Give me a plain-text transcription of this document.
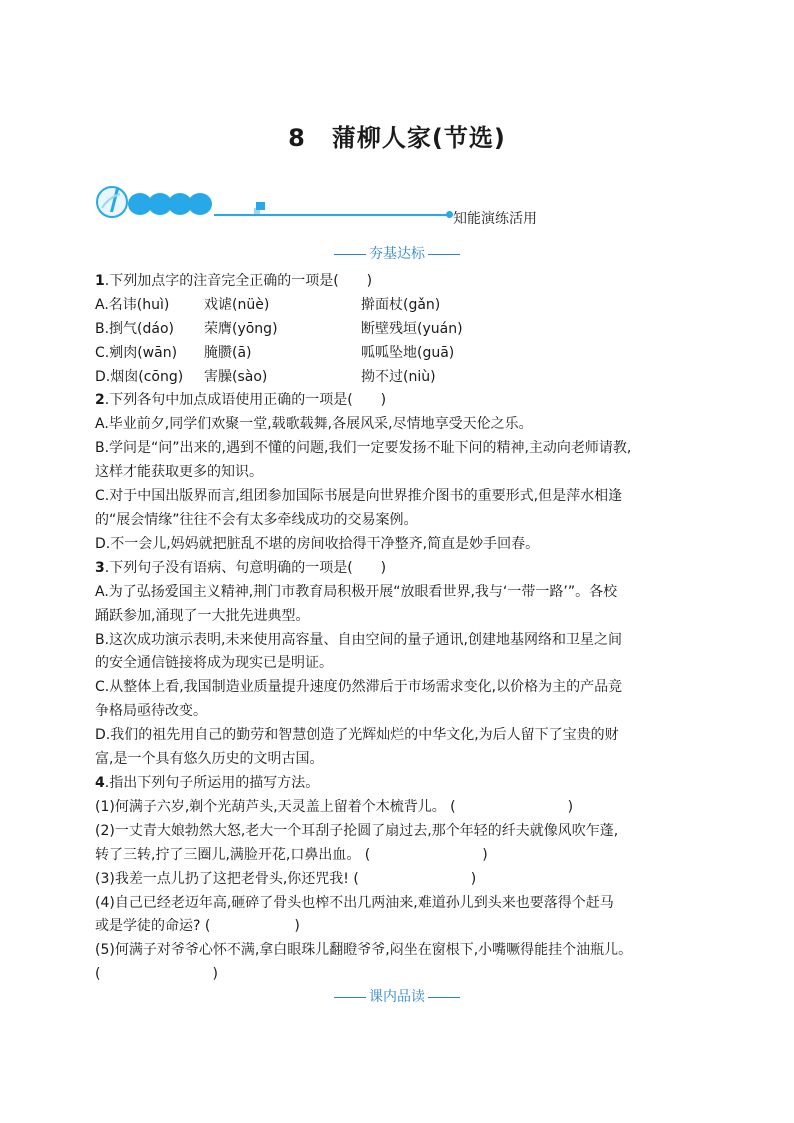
8 蒲柳人家(节选)
知能演练活用
夯基达标
1.下列加点字的注音完全正确的一项是(　　)
A.名讳(huì) 戏谑(nüè)	擀面杖(gǎn)
B.捯气(dáo) 荣膺(yōng)	断壁残垣(yuán)
C.剜肉(wān) 腌臜(ā)	呱呱坠地(guā)
D.烟囱(cōng) 害臊(sào)	拗不过(niù)
2.下列各句中加点成语使用正确的一项是(　　)
A.毕业前夕,同学们欢聚一堂,载歌载舞,各展风采,尽情地享受天伦之乐。
B.学问是“问”出来的,遇到不懂的问题,我们一定要发扬不耻下问的精神,主动向老师请教,
这样才能获取更多的知识。
C.对于中国出版界而言,组团参加国际书展是向世界推介图书的重要形式,但是萍水相逢
的“展会情缘”往往不会有太多牵线成功的交易案例。
D.不一会儿,妈妈就把脏乱不堪的房间收拾得干净整齐,简直是妙手回春。
3.下列句子没有语病、句意明确的一项是(　　)
A.为了弘扬爱国主义精神,荆门市教育局积极开展“放眼看世界,我与‘一带一路’”。各校
踊跃参加,涌现了一大批先进典型。
B.这次成功演示表明,未来使用高容量、自由空间的量子通讯,创建地基网络和卫星之间
的安全通信链接将成为现实已是明证。
C.从整体上看,我国制造业质量提升速度仍然滞后于市场需求变化,以价格为主的产品竞
争格局亟待改变。
D.我们的祖先用自己的勤劳和智慧创造了光辉灿烂的中华文化,为后人留下了宝贵的财
富,是一个具有悠久历史的文明古国。
4.指出下列句子所运用的描写方法。
(1)何满子六岁,剃个光葫芦头,天灵盖上留着个木梳背儿。 (　　　　　　　　)
(2)一丈青大娘勃然大怒,老大一个耳刮子抡圆了扇过去,那个年轻的纤夫就像风吹乍蓬,
转了三转,拧了三圈儿,满脸开花,口鼻出血。 (　　　　　　　　)
(3)我差一点儿扔了这把老骨头,你还咒我! (　　　　　　　　)
(4)自己已经老迈年高,砸碎了骨头也榨不出几两油来,难道孙儿到头来也要落得个赶马
或是学徒的命运? (　　　　　　)
(5)何满子对爷爷心怀不满,拿白眼珠儿翻瞪爷爷,闷坐在窗根下,小嘴噘得能挂个油瓶儿。
(　　　　　　　　)
课内品读
